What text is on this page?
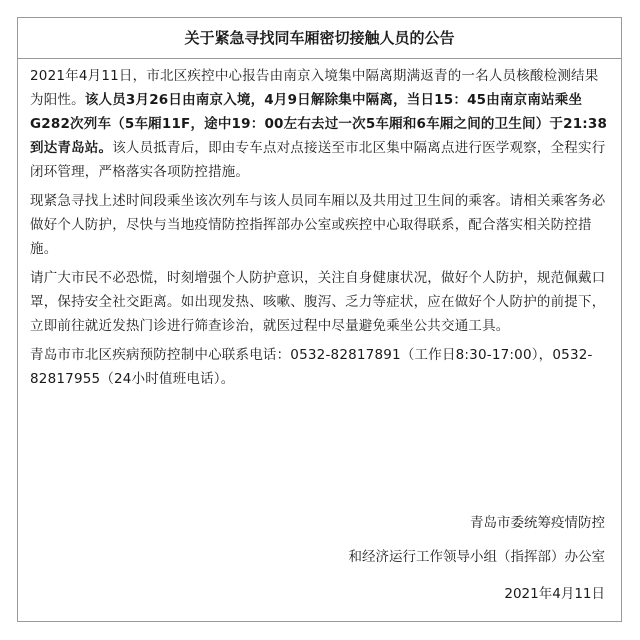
关于紧急寻找同车厢密切接触人员的公告

2021年4月11日，市北区疾控中心报告由南京入境集中隔离期满返青的一名人员核酸检测结果为阳性。该人员3月26日由南京入境，4月9日解除集中隔离，当日15：45由南京南站乘坐G282次列车（5车厢11F，途中19：00左右去过一次5车厢和6车厢之间的卫生间）于21:38到达青岛站。该人员抵青后，即由专车点对点接送至市北区集中隔离点进行医学观察，全程实行闭环管理，严格落实各项防控措施。

现紧急寻找上述时间段乘坐该次列车与该人员同车厢以及共用过卫生间的乘客。请相关乘客务必做好个人防护，尽快与当地疫情防控指挥部办公室或疾控中心取得联系，配合落实相关防控措施。

请广大市民不必恐慌，时刻增强个人防护意识，关注自身健康状况，做好个人防护，规范佩戴口罩，保持安全社交距离。如出现发热、咳嗽、腹泻、乏力等症状，应在做好个人防护的前提下，立即前往就近发热门诊进行筛查诊治，就医过程中尽量避免乘坐公共交通工具。

青岛市市北区疾病预防控制中心联系电话：0532-82817891（工作日8:30-17:00），0532-82817955（24小时值班电话）。

青岛市委统筹疫情防控
和经济运行工作领导小组（指挥部）办公室
2021年4月11日
